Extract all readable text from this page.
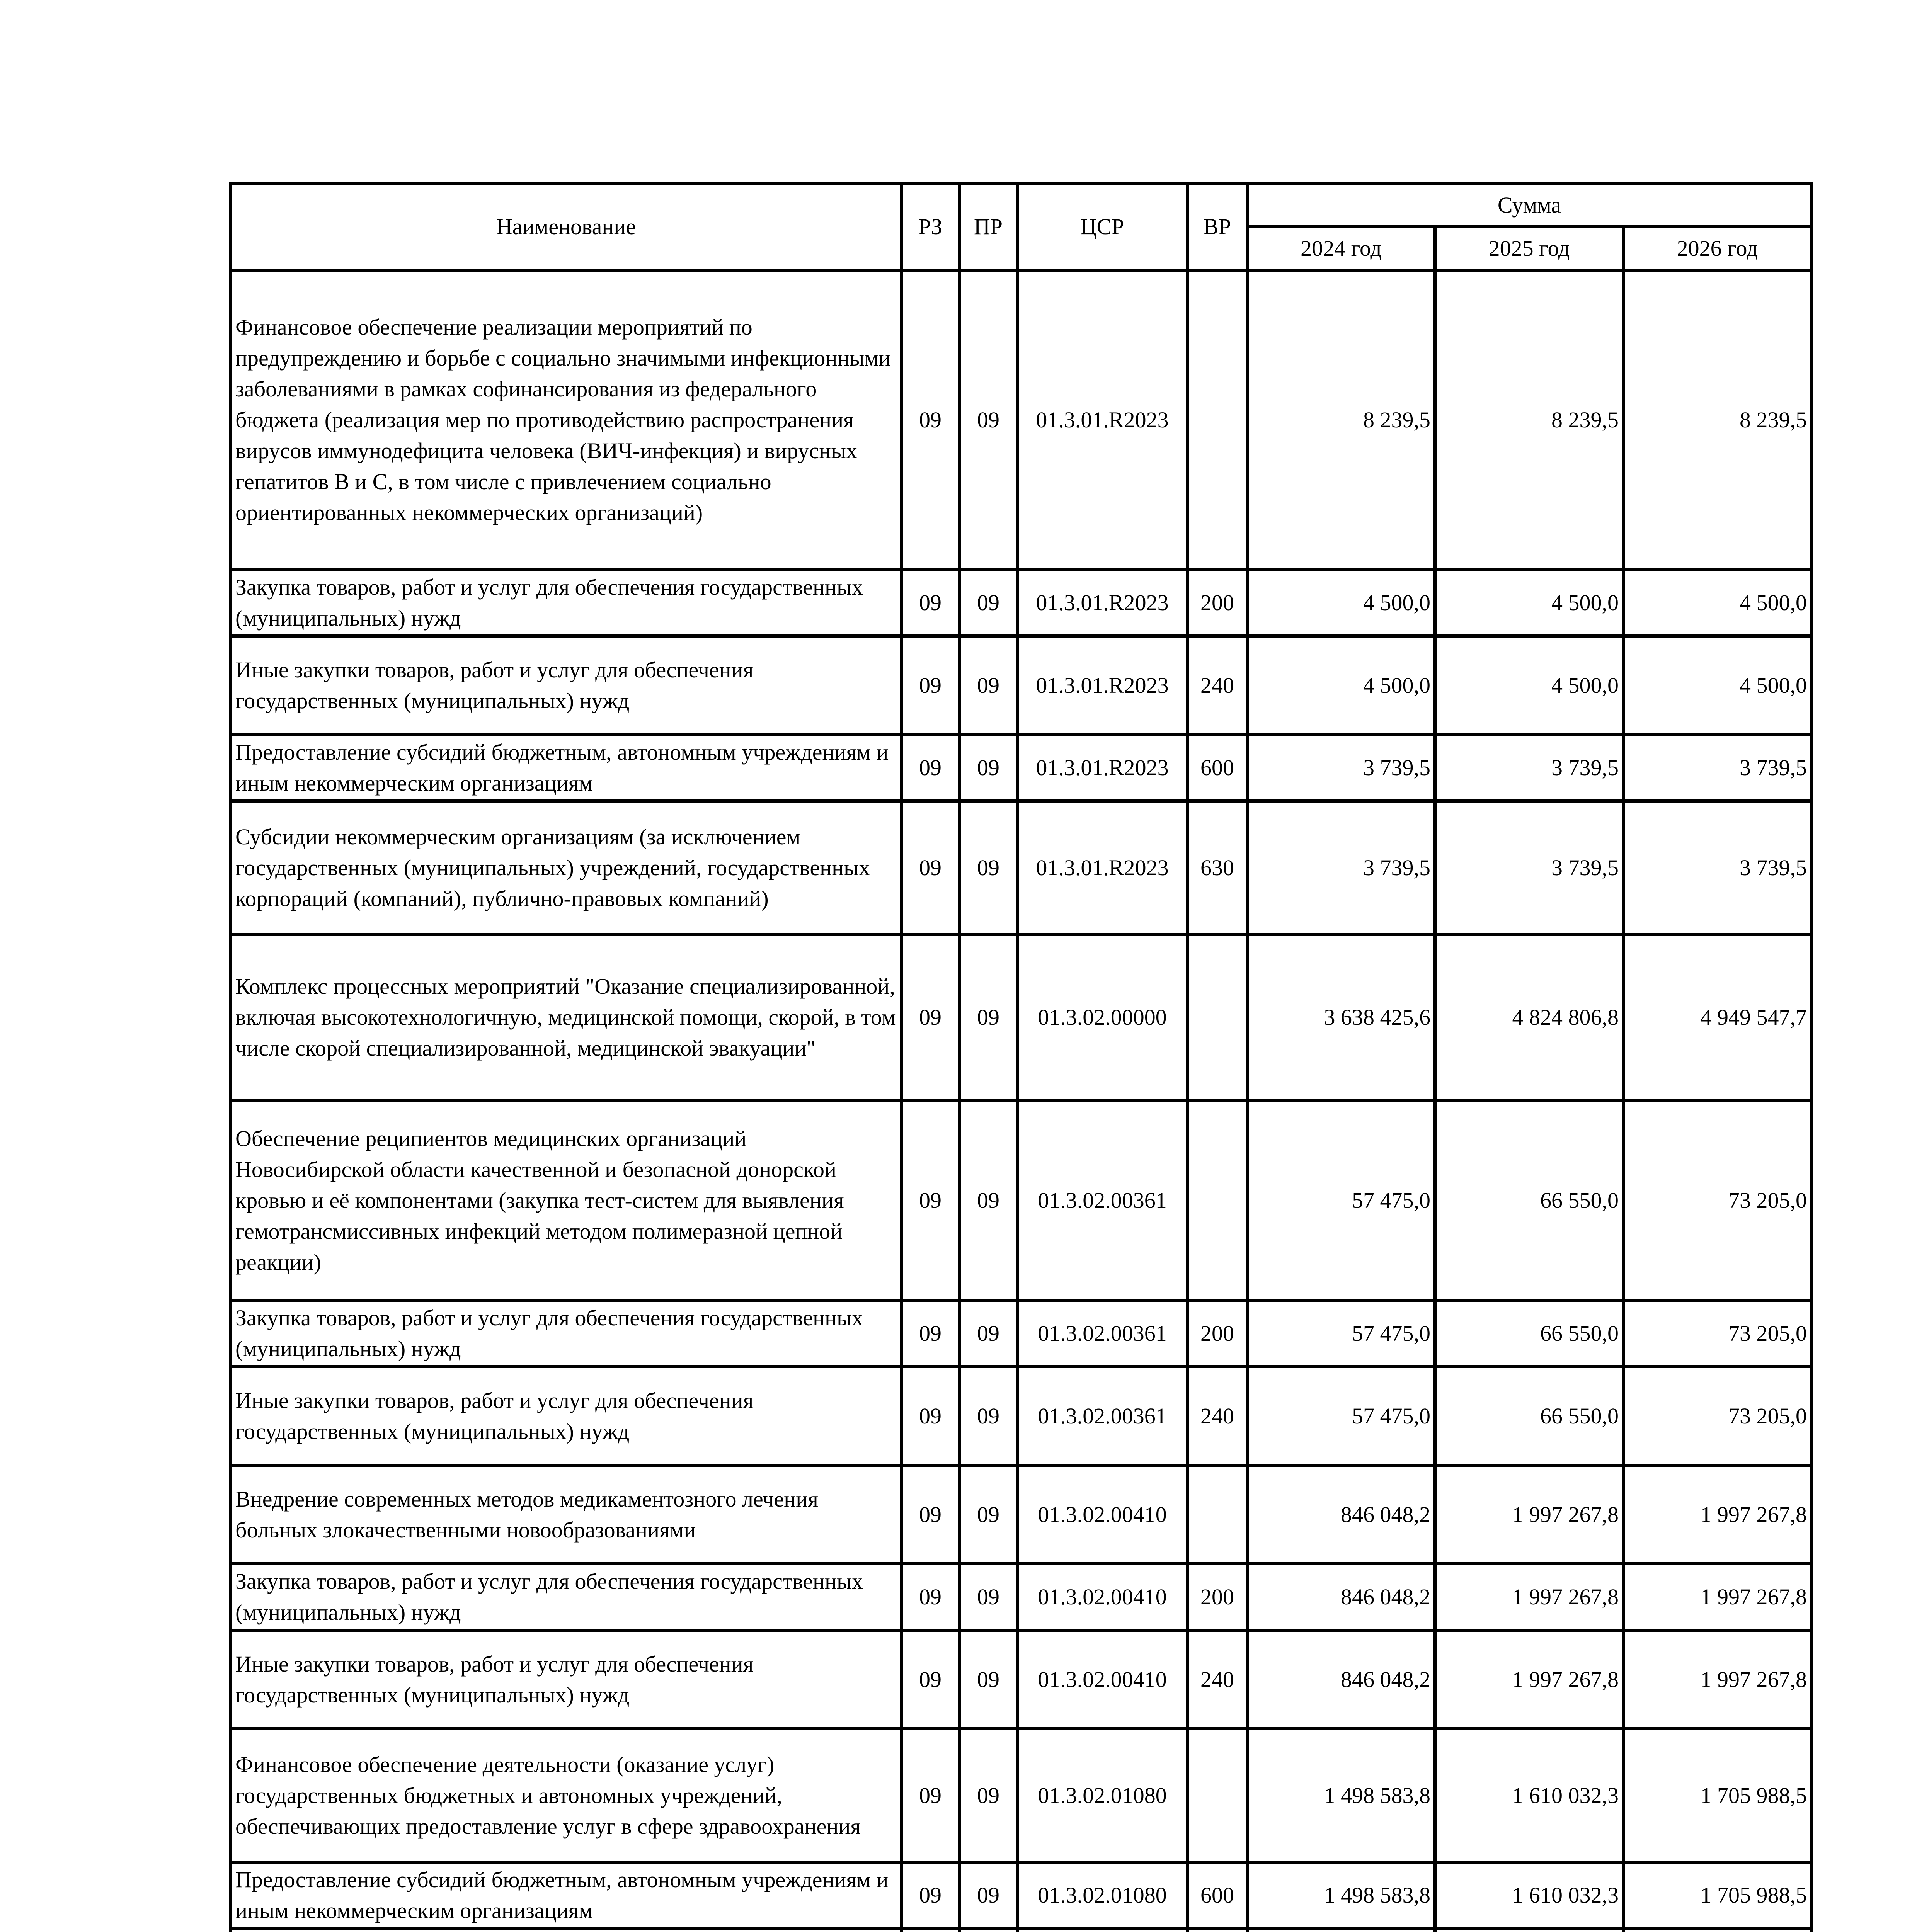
Наименование	РЗ	ПР	ЦСР	ВР	Сумма		
					2024 год	2025 год	2026 год
Финансовое обеспечение реализации мероприятий по предупреждению и борьбе с социально значимыми инфекционными заболеваниями в рамках софинансирования из федерального бюджета (реализация мер по противодействию распространения вирусов иммунодефицита человека (ВИЧ-инфекция) и вирусных гепатитов B и C, в том числе с привлечением социально ориентированных некоммерческих организаций)	09	09	01.3.01.R2023		8 239,5	8 239,5	8 239,5
Закупка товаров, работ и услуг для обеспечения государственных (муниципальных) нужд	09	09	01.3.01.R2023	200	4 500,0	4 500,0	4 500,0
Иные закупки товаров, работ и услуг для обеспечения государственных (муниципальных) нужд	09	09	01.3.01.R2023	240	4 500,0	4 500,0	4 500,0
Предоставление субсидий бюджетным, автономным учреждениям и иным некоммерческим организациям	09	09	01.3.01.R2023	600	3 739,5	3 739,5	3 739,5
Субсидии некоммерческим организациям (за исключением государственных (муниципальных) учреждений, государственных корпораций (компаний), публично-правовых компаний)	09	09	01.3.01.R2023	630	3 739,5	3 739,5	3 739,5
Комплекс процессных мероприятий "Оказание специализированной, включая высокотехнологичную, медицинской помощи, скорой, в том числе скорой специализированной, медицинской эвакуации"	09	09	01.3.02.00000		3 638 425,6	4 824 806,8	4 949 547,7
Обеспечение реципиентов медицинских организаций Новосибирской области качественной и безопасной донорской кровью и её компонентами (закупка тест-систем для выявления гемотрансмиссивных инфекций методом полимеразной цепной реакции)	09	09	01.3.02.00361		57 475,0	66 550,0	73 205,0
Закупка товаров, работ и услуг для обеспечения государственных (муниципальных) нужд	09	09	01.3.02.00361	200	57 475,0	66 550,0	73 205,0
Иные закупки товаров, работ и услуг для обеспечения государственных (муниципальных) нужд	09	09	01.3.02.00361	240	57 475,0	66 550,0	73 205,0
Внедрение современных методов медикаментозного лечения больных злокачественными новообразованиями	09	09	01.3.02.00410		846 048,2	1 997 267,8	1 997 267,8
Закупка товаров, работ и услуг для обеспечения государственных (муниципальных) нужд	09	09	01.3.02.00410	200	846 048,2	1 997 267,8	1 997 267,8
Иные закупки товаров, работ и услуг для обеспечения государственных (муниципальных) нужд	09	09	01.3.02.00410	240	846 048,2	1 997 267,8	1 997 267,8
Финансовое обеспечение деятельности (оказание услуг) государственных бюджетных и автономных учреждений, обеспечивающих предоставление услуг в сфере здравоохранения	09	09	01.3.02.01080		1 498 583,8	1 610 032,3	1 705 988,5
Предоставление субсидий бюджетным, автономным учреждениям и иным некоммерческим организациям	09	09	01.3.02.01080	600	1 498 583,8	1 610 032,3	1 705 988,5
